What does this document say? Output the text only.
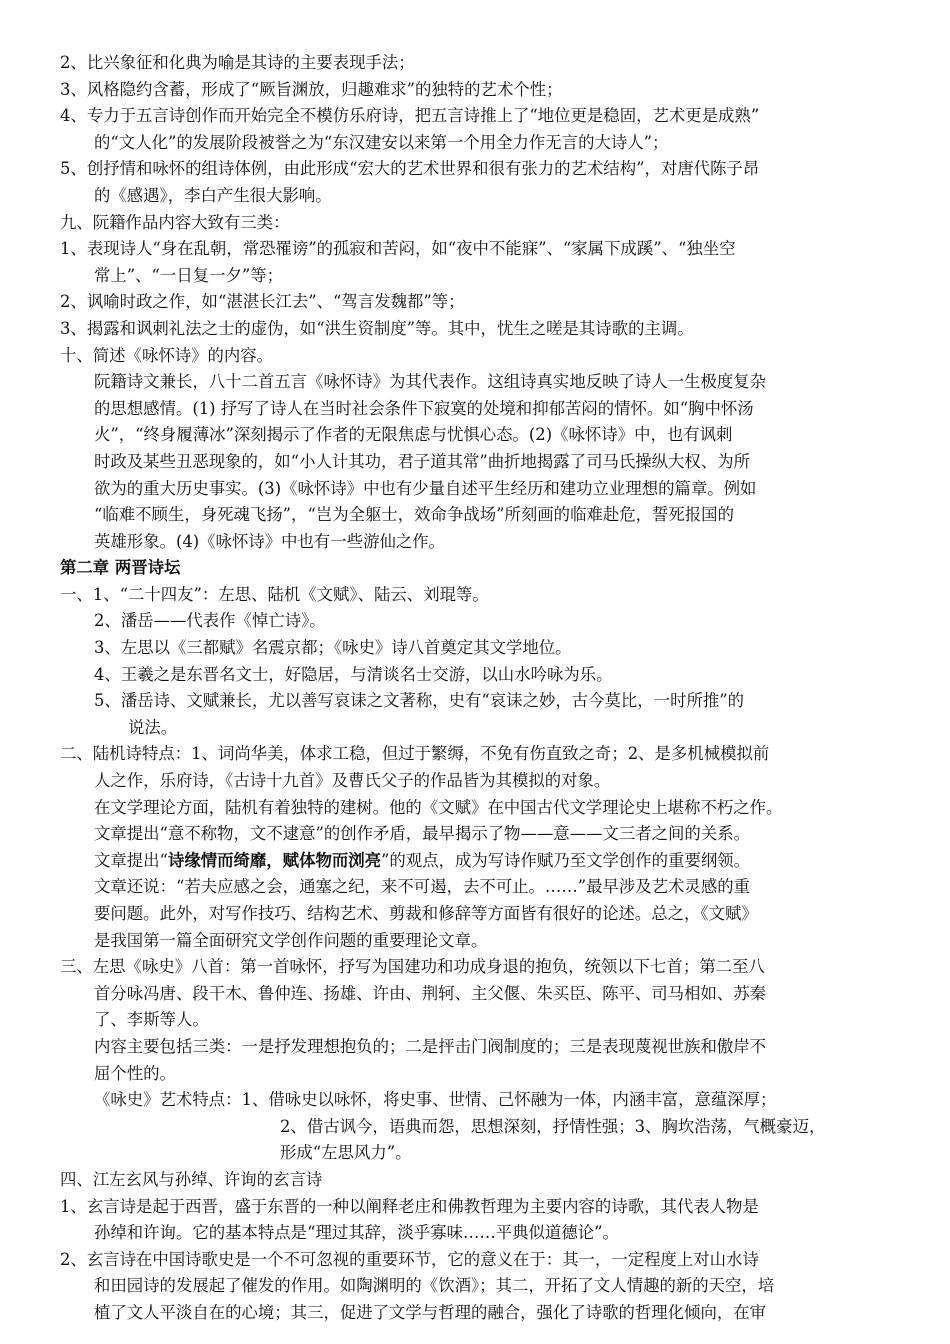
2、比兴象征和化典为喻是其诗的主要表现手法；
3、风格隐约含蓄，形成了“厥旨渊放，归趣难求”的独特的艺术个性；
4、专力于五言诗创作而开始完全不模仿乐府诗，把五言诗推上了“地位更是稳固，艺术更是成熟”
的“文人化”的发展阶段被誉之为“东汉建安以来第一个用全力作无言的大诗人”；
5、创抒情和咏怀的组诗体例，由此形成“宏大的艺术世界和很有张力的艺术结构”，对唐代陈子昂
的《感遇》，李白产生很大影响。
九、阮籍作品内容大致有三类：
1、表现诗人“身在乱朝，常恐罹谤”的孤寂和苦闷，如“夜中不能寐”、“家属下成蹊”、“独坐空
常上”、“一日复一夕”等；
2、讽喻时政之作，如“湛湛长江去”、“驾言发魏都”等；
3、揭露和讽刺礼法之士的虚伪，如“洪生资制度”等。其中，忧生之嗟是其诗歌的主调。
十、简述《咏怀诗》的内容。
阮籍诗文兼长，八十二首五言《咏怀诗》为其代表作。这组诗真实地反映了诗人一生极度复杂
的思想感情。(1) 抒写了诗人在当时社会条件下寂寞的处境和抑郁苦闷的情怀。如“胸中怀汤
火”，“终身履薄冰”深刻揭示了作者的无限焦虑与忧惧心态。(2)《咏怀诗》中，也有讽刺
时政及某些丑恶现象的，如“小人计其功，君子道其常”曲折地揭露了司马氏操纵大权、为所
欲为的重大历史事实。(3)《咏怀诗》中也有少量自述平生经历和建功立业理想的篇章。例如
“临难不顾生，身死魂飞扬”，“岂为全躯士，效命争战场”所刻画的临难赴危，誓死报国的
英雄形象。(4)《咏怀诗》中也有一些游仙之作。
第二章 两晋诗坛
一、1、“二十四友”：左思、陆机《文赋》、陆云、刘琨等。
2、潘岳——代表作《悼亡诗》。
3、左思以《三都赋》名震京都；《咏史》诗八首奠定其文学地位。
4、王羲之是东晋名文士，好隐居，与清谈名士交游，以山水吟咏为乐。
5、潘岳诗、文赋兼长，尤以善写哀诔之文著称，史有“哀诔之妙，古今莫比，一时所推”的
说法。
二、陆机诗特点：1、词尚华美，体求工稳，但过于繁缛，不免有伤直致之奇；2、是多机械模拟前
人之作，乐府诗，《古诗十九首》及曹氏父子的作品皆为其模拟的对象。
在文学理论方面，陆机有着独特的建树。他的《文赋》在中国古代文学理论史上堪称不朽之作。
文章提出“意不称物，文不逮意”的创作矛盾，最早揭示了物——意——文三者之间的关系。
文章提出“诗缘情而绮靡，赋体物而浏亮”的观点，成为写诗作赋乃至文学创作的重要纲领。
文章还说：“若夫应感之会，通塞之纪，来不可遏，去不可止。……”最早涉及艺术灵感的重
要问题。此外，对写作技巧、结构艺术、剪裁和修辞等方面皆有很好的论述。总之，《文赋》
是我国第一篇全面研究文学创作问题的重要理论文章。
三、左思《咏史》八首：第一首咏怀，抒写为国建功和功成身退的抱负，统领以下七首；第二至八
首分咏冯唐、段干木、鲁仲连、扬雄、许由、荆轲、主父偃、朱买臣、陈平、司马相如、苏秦
了、李斯等人。
内容主要包括三类：一是抒发理想抱负的；二是抨击门阀制度的；三是表现蔑视世族和傲岸不
屈个性的。
《咏史》艺术特点：1、借咏史以咏怀，将史事、世情、己怀融为一体，内涵丰富，意蕴深厚；
2、借古讽今，语典而怨，思想深刻，抒情性强；3、胸坎浩荡，气概豪迈，
形成“左思风力”。
四、江左玄风与孙绰、许询的玄言诗
1、玄言诗是起于西晋，盛于东晋的一种以阐释老庄和佛教哲理为主要内容的诗歌，其代表人物是
孙绰和许询。它的基本特点是“理过其辞，淡乎寡味……平典似道德论”。
2、玄言诗在中国诗歌史是一个不可忽视的重要环节，它的意义在于：其一，一定程度上对山水诗
和田园诗的发展起了催发的作用。如陶渊明的《饮酒》；其二，开拓了文人情趣的新的天空，培
植了文人平淡自在的心境；其三，促进了文学与哲理的融合，强化了诗歌的哲理化倾向，在审
